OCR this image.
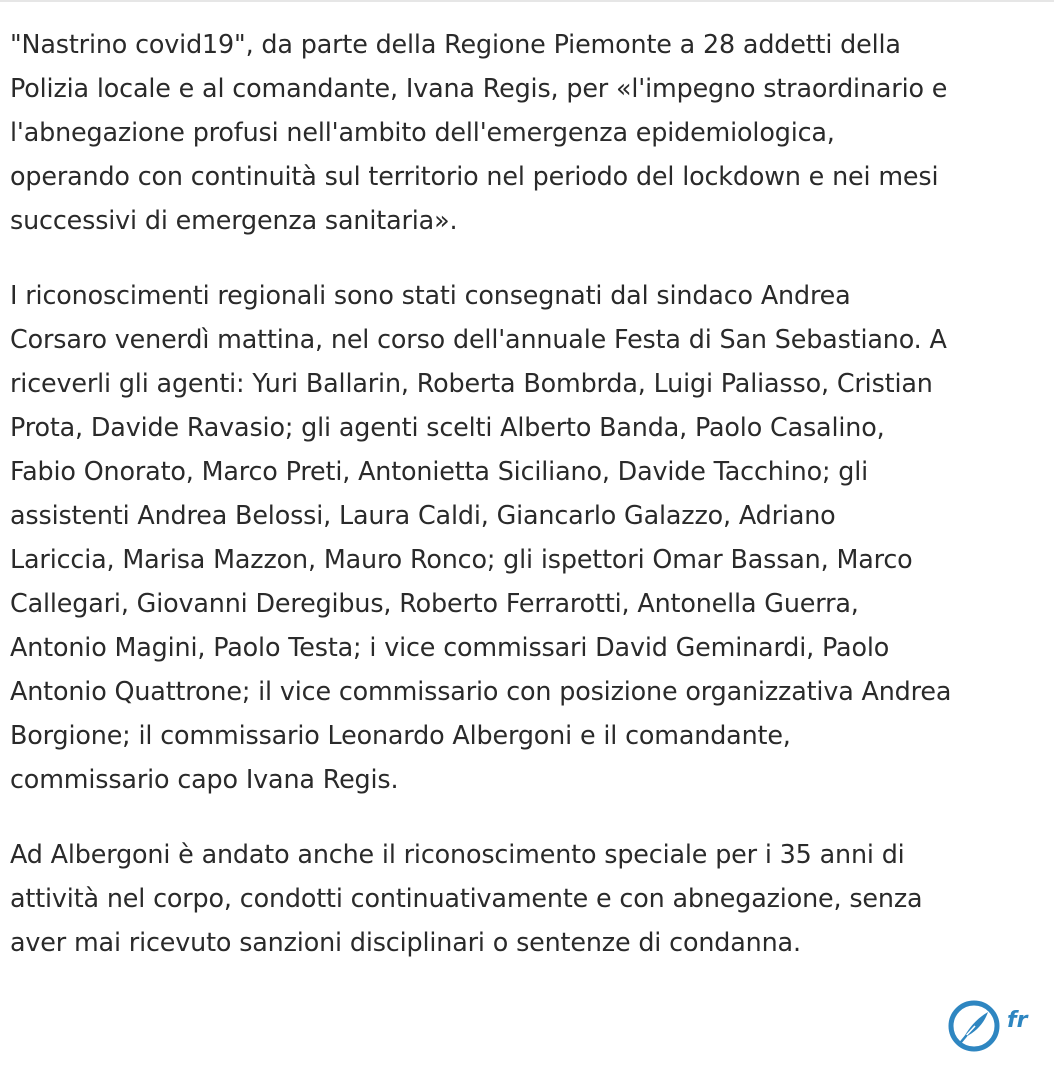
"Nastrino covid19", da parte della Regione Piemonte a 28 addetti della
Polizia locale e al comandante, Ivana Regis, per «l'impegno straordinario e
l'abnegazione profusi nell'ambito dell'emergenza epidemiologica,
operando con continuità sul territorio nel periodo del lockdown e nei mesi
successivi di emergenza sanitaria».

I riconoscimenti regionali sono stati consegnati dal sindaco Andrea
Corsaro venerdì mattina, nel corso dell'annuale Festa di San Sebastiano. A
riceverli gli agenti: Yuri Ballarin, Roberta Bombrda, Luigi Paliasso, Cristian
Prota, Davide Ravasio; gli agenti scelti Alberto Banda, Paolo Casalino,
Fabio Onorato, Marco Preti, Antonietta Siciliano, Davide Tacchino; gli
assistenti Andrea Belossi, Laura Caldi, Giancarlo Galazzo, Adriano
Lariccia, Marisa Mazzon, Mauro Ronco; gli ispettori Omar Bassan, Marco
Callegari, Giovanni Deregibus, Roberto Ferrarotti, Antonella Guerra,
Antonio Magini, Paolo Testa; i vice commissari David Geminardi, Paolo
Antonio Quattrone; il vice commissario con posizione organizzativa Andrea
Borgione; il commissario Leonardo Albergoni e il comandante,
commissario capo Ivana Regis.

Ad Albergoni è andato anche il riconoscimento speciale per i 35 anni di
attività nel corpo, condotti continuativamente e con abnegazione, senza
aver mai ricevuto sanzioni disciplinari o sentenze di condanna.

fr
